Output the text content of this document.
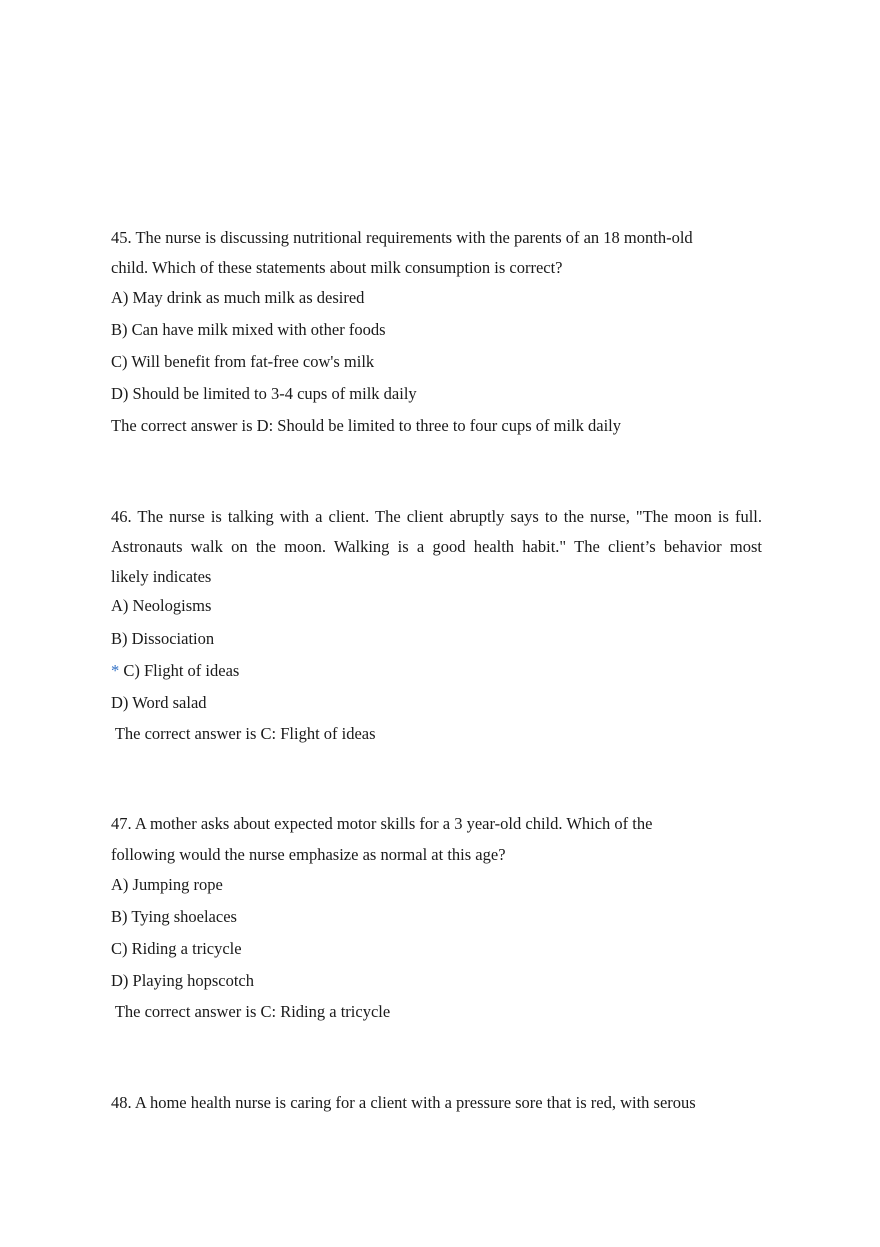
45. The nurse is discussing nutritional requirements with the parents of an 18 month-old
child. Which of these statements about milk consumption is correct?
A) May drink as much milk as desired
B) Can have milk mixed with other foods
C) Will benefit from fat-free cow's milk
D) Should be limited to 3-4 cups of milk daily
The correct answer is D: Should be limited to three to four cups of milk daily
46. The nurse is talking with a client. The client abruptly says to the nurse, "The moon is full.
Astronauts walk on the moon. Walking is a good health habit." The client’s behavior most
likely indicates
A) Neologisms
B) Dissociation
* C) Flight of ideas
D) Word salad
The correct answer is C: Flight of ideas
47. A mother asks about expected motor skills for a 3 year-old child. Which of the
following would the nurse emphasize as normal at this age?
A) Jumping rope
B) Tying shoelaces
C) Riding a tricycle
D) Playing hopscotch
The correct answer is C: Riding a tricycle
48. A home health nurse is caring for a client with a pressure sore that is red, with serous
